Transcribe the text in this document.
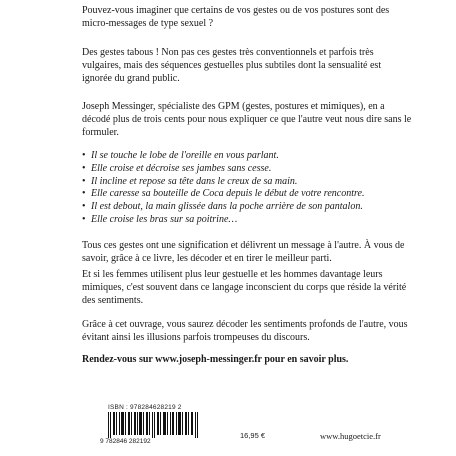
Pouvez-vous imaginer que certains de vos gestes ou de vos postures sont des micro-messages de type sexuel ?

Des gestes tabous ! Non pas ces gestes très conventionnels et parfois très vulgaires, mais des séquences gestuelles plus subtiles dont la sensualité est ignorée du grand public.

Joseph Messinger, spécialiste des GPM (gestes, postures et mimiques), en a décodé plus de trois cents pour nous expliquer ce que l'autre veut nous dire sans le formuler.

• Il se touche le lobe de l'oreille en vous parlant.
• Elle croise et décroise ses jambes sans cesse.
• Il incline et repose sa tête dans le creux de sa main.
• Elle caresse sa bouteille de Coca depuis le début de votre rencontre.
• Il est debout, la main glissée dans la poche arrière de son pantalon.
• Elle croise les bras sur sa poitrine…

Tous ces gestes ont une signification et délivrent un message à l'autre. À vous de savoir, grâce à ce livre, les décoder et en tirer le meilleur parti.

Et si les femmes utilisent plus leur gestuelle et les hommes davantage leurs mimiques, c'est souvent dans ce langage inconscient du corps que réside la vérité des sentiments.

Grâce à cet ouvrage, vous saurez décoder les sentiments profonds de l'autre, vous évitant ainsi les illusions parfois trompeuses du discours.

Rendez-vous sur www.joseph-messinger.fr pour en savoir plus.

ISBN : 978284628219 2
9 782846 282192
16,95 €	www.hugoetcie.fr
